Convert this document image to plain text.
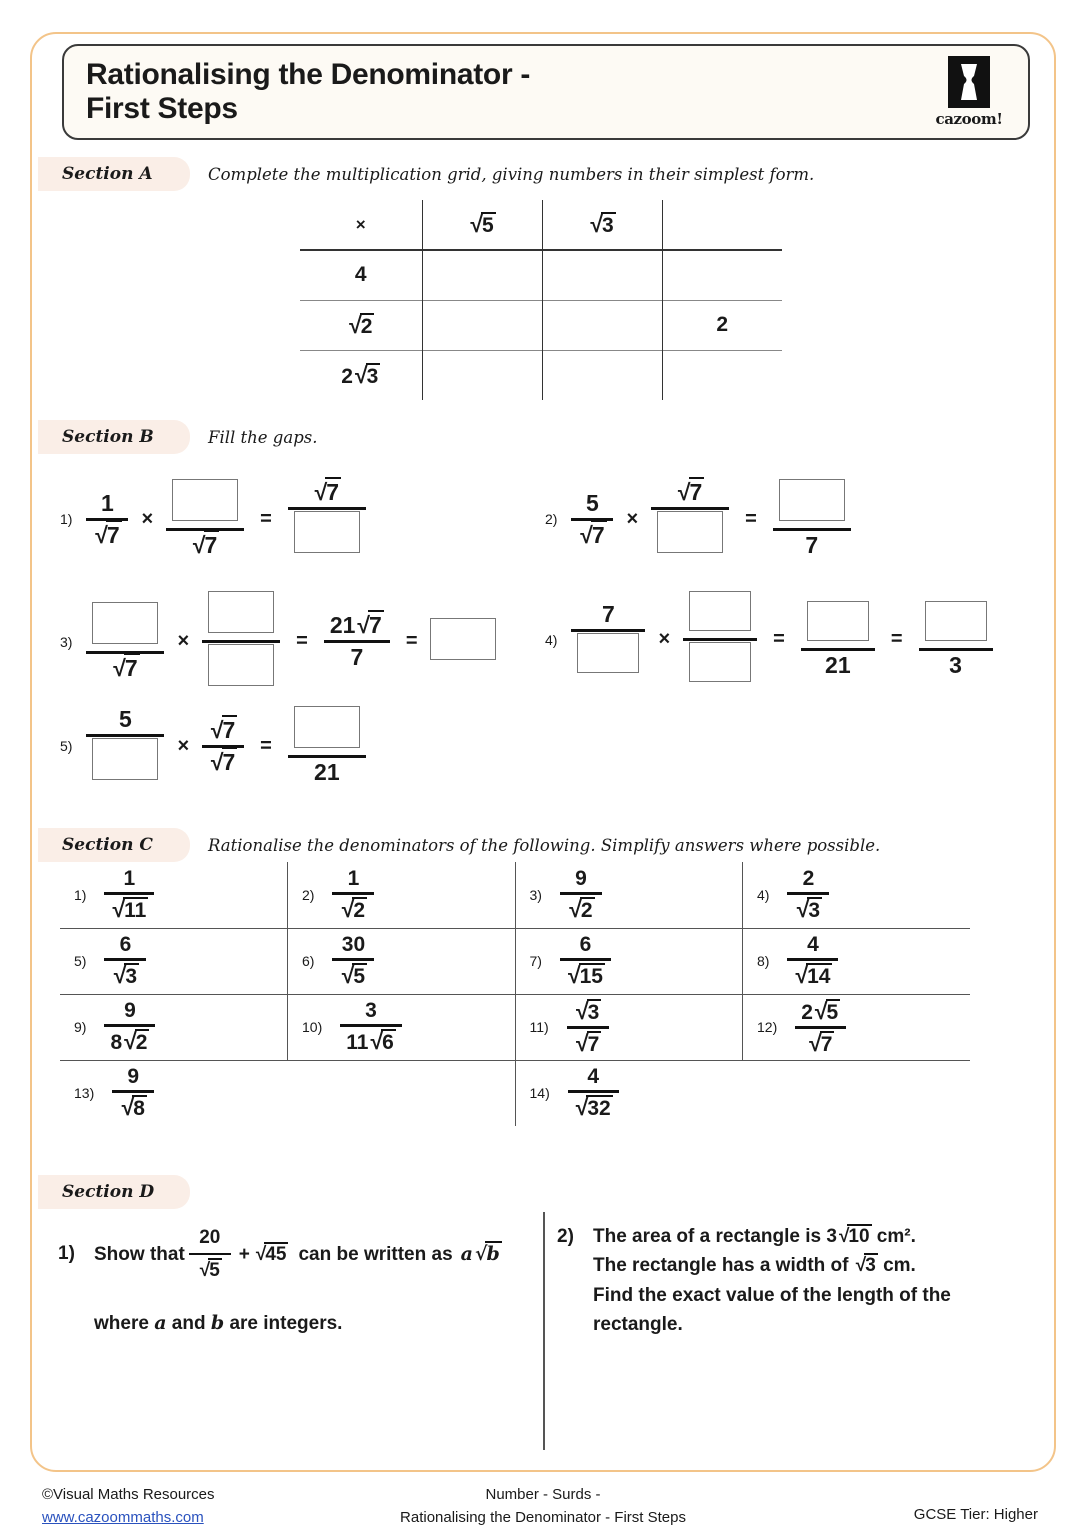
Rationalising the Denominator -
First Steps	cazoom!
Section A	Complete the multiplication grid, giving numbers in their simplest form.
×	√5	√3	
4			
√2			2
2√3			
Section B	Fill the gaps.
$1) \frac{1}{√7}$ ×
√7
=
√7
$2) \frac{5}{√7}$ ×
√7
=
7
3)
√7
×	= $\frac{21√7}{7}$ =	4)
7
×	=
21
=
3
5)
5
× $\frac{√7}{√7}$ =
21
Section C	Rationalise the denominators of the following. Simplify answers where possible.
$1) \frac{1}{√11}$	$2) \frac{1}{√2}$	$3) \frac{9}{√2}$	$4) \frac{2}{√3}$

$5) \frac{6}{√3}$	$6) \frac{30}{√5}$	$7) \frac{6}{√15}$	$8) \frac{4}{√14}$

$9) \frac{9}{8√2}$	$10) \frac{3}{11√6}$	$11) \frac{√3}{√7}$	$12) \frac{2√5}{√7}$

$13) \frac{9}{√8}$		$14) \frac{4}{√32}$
Section D
1) Show that $\frac{20}{√5} + √45$ can be written as a √b
where a and b are integers.
2) The area of a rectangle is 3 √10 cm².
The rectangle has a width of √3 cm.
Find the exact value of the length of the
rectangle.
©Visual Maths Resources
www.cazoommaths.com
Number - Surds -
Rationalising the Denominator - First Steps	GCSE Tier: Higher
